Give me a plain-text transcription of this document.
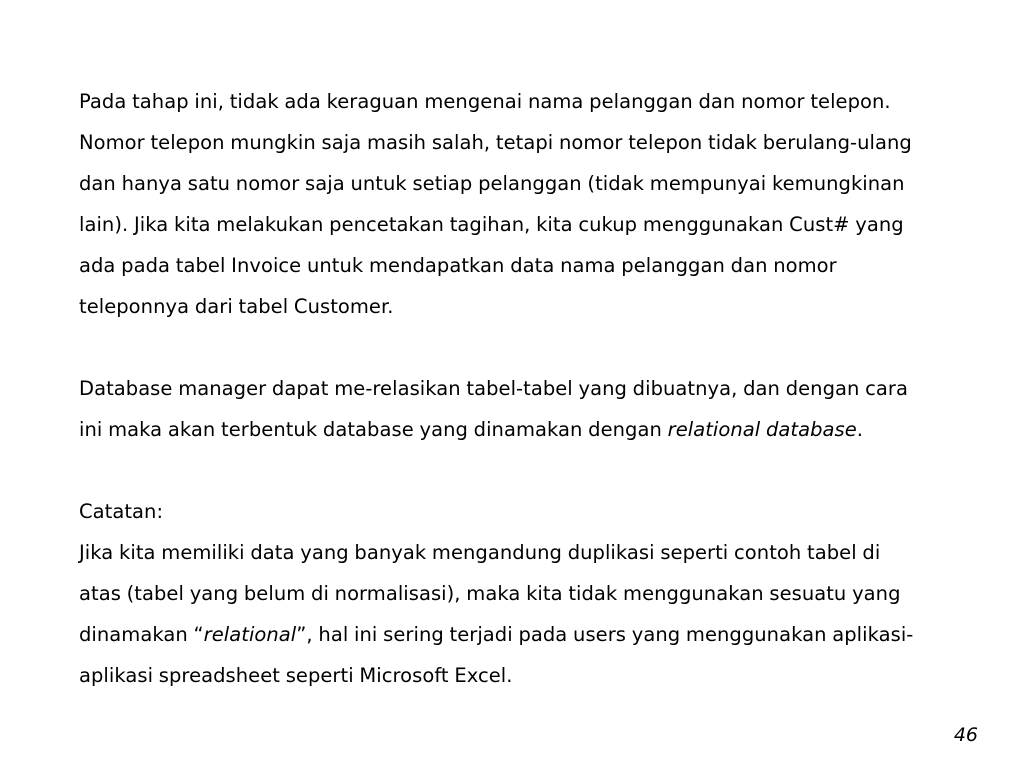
Pada tahap ini, tidak ada keraguan mengenai nama pelanggan dan nomor telepon.
Nomor telepon mungkin saja masih salah, tetapi nomor telepon tidak berulang-ulang
dan hanya satu nomor saja untuk setiap pelanggan (tidak mempunyai kemungkinan
lain). Jika kita melakukan pencetakan tagihan, kita cukup menggunakan Cust# yang
ada pada tabel Invoice untuk mendapatkan data nama pelanggan dan nomor
teleponnya dari tabel Customer.

Database manager dapat me-relasikan tabel-tabel yang dibuatnya, dan dengan cara
ini maka akan terbentuk database yang dinamakan dengan relational database.

Catatan:
Jika kita memiliki data yang banyak mengandung duplikasi seperti contoh tabel di
atas (tabel yang belum di normalisasi), maka kita tidak menggunakan sesuatu yang
dinamakan “relational”, hal ini sering terjadi pada users yang menggunakan aplikasi-
aplikasi spreadsheet seperti Microsoft Excel.

46
